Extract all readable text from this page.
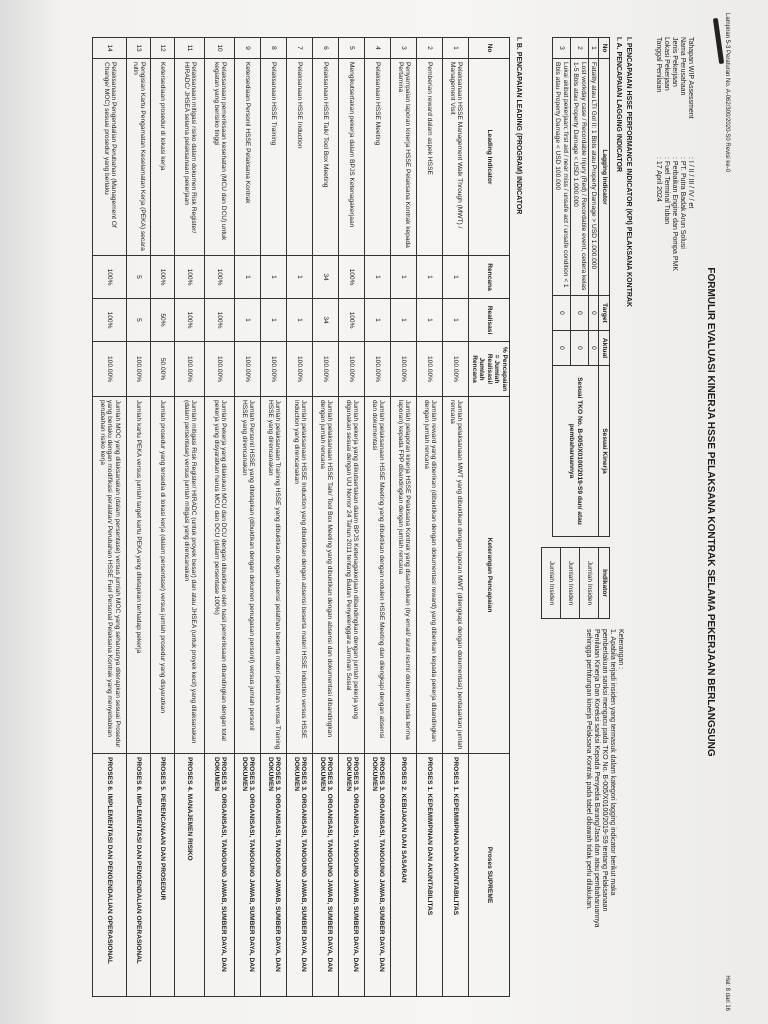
Lampiran 5-3 Peraturan No. A-062/300/2020-S0 Revisi ke-0
Hal: 8 dari 16
FORMULIR EVALUASI KINERJA HSSE PELAKSANA KONTRAK SELAMA PEKERJAAN BERLANGSUNG
Tahapan WIP Assessment
: I / II / III / IV / et
Nama Perusahaan
: PT. Putra Badak Arun Solusi
Jenis Pekerjaan
: Perbaikan Engine dan Pompa PMK
Lokasi Pekerjaan
: Fuel Terminal Tuban
Tanggal Penilaian
: 17 April 2024
I. PENCAPAIAN HSSE PERFORMANCE INDICATOR (KPI) PELAKSANA KONTRAK
I. A. PENCAPAIAN LAGGING INDICATOR
No	Lagging Indicator	Target	Aktual	Sesuai Kinerja
1	Fatality atau LTI Gol II: 1 Bbls atau Property Damage > USD 1.000.000	0	0	Sesuai TKO No. B-005/X0100/2019-S9 dan/ atau pembaharuannya
2	Lost workday case / Recordable Injury (Red) / Recordable event, cedera kelas 1-5 Bbls atau Property Damage < USD 1.000.000	0	0	
3	Lukai akibat pekerjaan; first aid / near miss / unsafe act / unsafe condition < 1 Bbls atau Property Damage < USD 100.000	0	0	
Indikator
Jumlah Insiden
Jumlah Insiden
Jumlah Insiden
Keterangan :
1. Apabila terjadi insiden yang termasuk dalam kategori lagging indicator berikut maka
pemberlakuan sanksi mengacu pada TKO No. B-005/X0100/2019-S9 tentang Pelaksanaan
Penilaian Kinerja Dan Koreksi sanksi Kepada Penyedia Barang/Jasa dan atau pembaharuannya
sehingga perhitungan kinerja Pelaksana Kontrak pada tabel dibawah tidak perlu dilakukan.
I. B. PENCAPAIAN LEADING (PROGRAM) INDICATOR
No	Leading Indicator	Rencana	Realisasi	% Pencapaian = Jumlah Realisasi/ Jumlah Rencana	Keterangan Pencapaian	Proses SUPREME
1	Pelaksanaan HSSE Management Walk Through (MWT) / Management Visit	1	1	100.00%	Jumlah pelaksanaan MWT yang dibuktikan dengan laporan MWT (dilengkapi dengan dokumentasi) berdasarkan jumlah rencana	PROSES 1. KEPEMIMPINAN DAN AKUNTABILITAS
2	Pemberian reward dalam aspek HSSE	1	1	100.00%	Jumlah reward yang diberikan (dibuktikan dengan dokumentasi reward) yang diberikan kepada pekerja dibandingkan dengan jumlah rencana	PROSES 1. KEPEMIMPINAN DAN AKUNTABILITAS
3	Penyampaian laporan kinerja HSSE Pelaksana Kontrak kepada Pertamina	1	1	100.00%	Jumlah pelaporan kinerja HSSE Pelaksana Kontrak yang disampaikan (by email/ surat resmi/ dokumen tanda terima laporan) kepada FPP dibandingkan dengan jumlah rencana	PROSES 2. KEBIJAKAN DAN SASARAN
4	Pelaksanaan HSSE Meeting	1	1	100.00%	Jumlah pelaksanaan HSSE Meeting yang dibuktikan dengan notulen HSSE Meeting dan dilengkapi dengan absensi dan dokumentasi	PROSES 3. ORGANISASI, TANGGUNG JAWAB, SUMBER DAYA, DAN DOKUMEN
5	Mengikutsertakan pekerja dalam BPJS Ketenagakerjaan	100%	100%	100.00%	Jumlah pekerja yang diikutsertakan dalam BPJS Ketenagakerjaan dibandingkan dengan jumlah pekerja yang digunakan sesuai dengan UU Nomor 24 Tahun 2011 tentang Badan Penyelenggara Jaminan Sosial	PROSES 3. ORGANISASI, TANGGUNG JAWAB, SUMBER DAYA, DAN DOKUMEN
6	Pelaksanaan HSSE Talk/ Tool Box Meeting	34	34	100.00%	Jumlah pelaksanaan HSSE Talk/ Tool Box Meeting yang dibuktikan dengan absensi dan dokumentasi dibandingkan dengan jumlah rencana	PROSES 3. ORGANISASI, TANGGUNG JAWAB, SUMBER DAYA, DAN DOKUMEN
7	Pelaksanaan HSSE Induction	1	1	100.00%	Jumlah pelaksanaan HSSE Induction yang dibuktikan dengan absensi beserta materi HSSE Induction versus HSSE induction yang direncanakan	PROSES 3. ORGANISASI, TANGGUNG JAWAB, SUMBER DAYA, DAN DOKUMEN
8	Pelaksanaan HSSE Training	1	1	100.00%	Jumlah pelaksanaan Training HSSE yang dibuktikan dengan absensi pelatihan beserta materi pelatihan versus Training HSSE yang direncanakan	PROSES 3. ORGANISASI, TANGGUNG JAWAB, SUMBER DAYA, DAN DOKUMEN
9	Ketersediaan Personil HSSE Pelaksana Kontrak	1	1	100.00%	Jumlah Personil HSSE yang ditetapkan (dibuktikan dengan dokumen penugasan personil) versus jumlah personil HSSE yang direncanakan	PROSES 3. ORGANISASI, TANGGUNG JAWAB, SUMBER DAYA, DAN DOKUMEN
10	Pelaksanaan pemeriksaan kesehatan (MCU dan DCU) untuk kegiatan yang berisiko tinggi	100%	100%	100.00%	Jumlah Pekerja yang dilakukan MCU dan DCU dengan dibuktikan oleh hasil pemeriksaan dibandingkan dengan total pekerja yang disyaratkan harus MCU dan DCU (dalam persentase 100%)	PROSES 3. ORGANISASI, TANGGUNG JAWAB, SUMBER DAYA, DAN DOKUMEN
11	Pelaksanaan mitigasi risiko dalam dokumen Risk Register/ HIRADC/ JHSEA selama pelaksanaan pekerjaan	100%	100%	100.00%	Jumlah mitigasi Risk Register/ HIRADC (untuk proyek besar) dan atau JHSEA (untuk proyek kecil) yang dilaksanakan (dalam persentase) versus jumlah mitigasi yang direncanakan	PROSES 4. MANAJEMEN RISIKO
12	Ketersediaan prosedur di lokasi kerja	100%	50%	50.00%	Jumlah prosedur yang tersedia di lokasi kerja (dalam persentase) versus jumlah prosedur yang disyaratkan	PROSES 5. PERENCANAAN DAN PROSEDUR
13	Pengisian Kartu Pengamatan Keselamatan Kerja (PEKA) secara rutin	5	5	100.00%	Jumlah kartu PEKA versus jumlah target kartu PEKA yang ditetapkan terhadap pekerja	PROSES 6. IMPLEMENTASI DAN PENGENDALIAN OPERASIONAL
14	Pelaksanaan Pengendalian Perubahan (Management Of Change/ MOC) sesuai prosedur yang berlaku	100%	100%	100.00%	Jumlah MOC yang dilaksanakan (dalam persentase) versus jumlah MOC yang seharusnya diterapkan sesuai Prosedur yang berlaku dengan modifikasi peralatan/ Perubahan HSSE Fuel Personal Pelaksana Kontrak yang menyebabkan perubahan risiko kerja	PROSES 6. IMPLEMENTASI DAN PENGENDALIAN OPERASIONAL
